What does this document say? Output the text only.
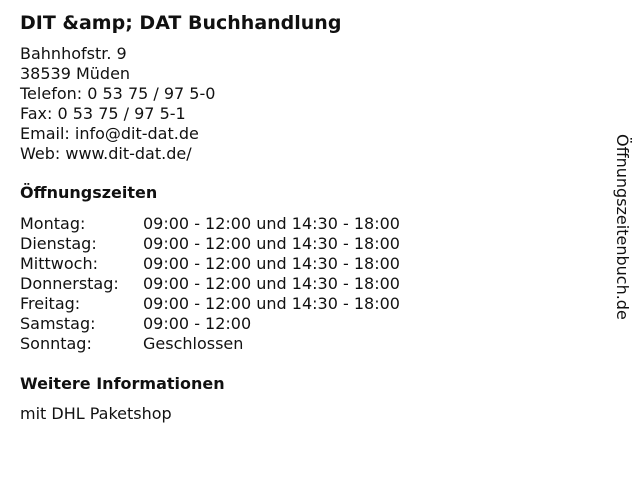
DIT &amp; DAT Buchhandlung
Bahnhofstr. 9
38539 Müden
Telefon: 0 53 75 / 97 5-0
Fax: 0 53 75 / 97 5-1
Email: info@dit-dat.de
Web: www.dit-dat.de/
Öffnungszeiten
Montag:	09:00 - 12:00 und 14:30 - 18:00
Dienstag:	09:00 - 12:00 und 14:30 - 18:00
Mittwoch:	09:00 - 12:00 und 14:30 - 18:00
Donnerstag:	09:00 - 12:00 und 14:30 - 18:00
Freitag:	09:00 - 12:00 und 14:30 - 18:00
Samstag:	09:00 - 12:00
Sonntag:	Geschlossen
Weitere Informationen
mit DHL Paketshop
Öffnungszeitenbuch.de
